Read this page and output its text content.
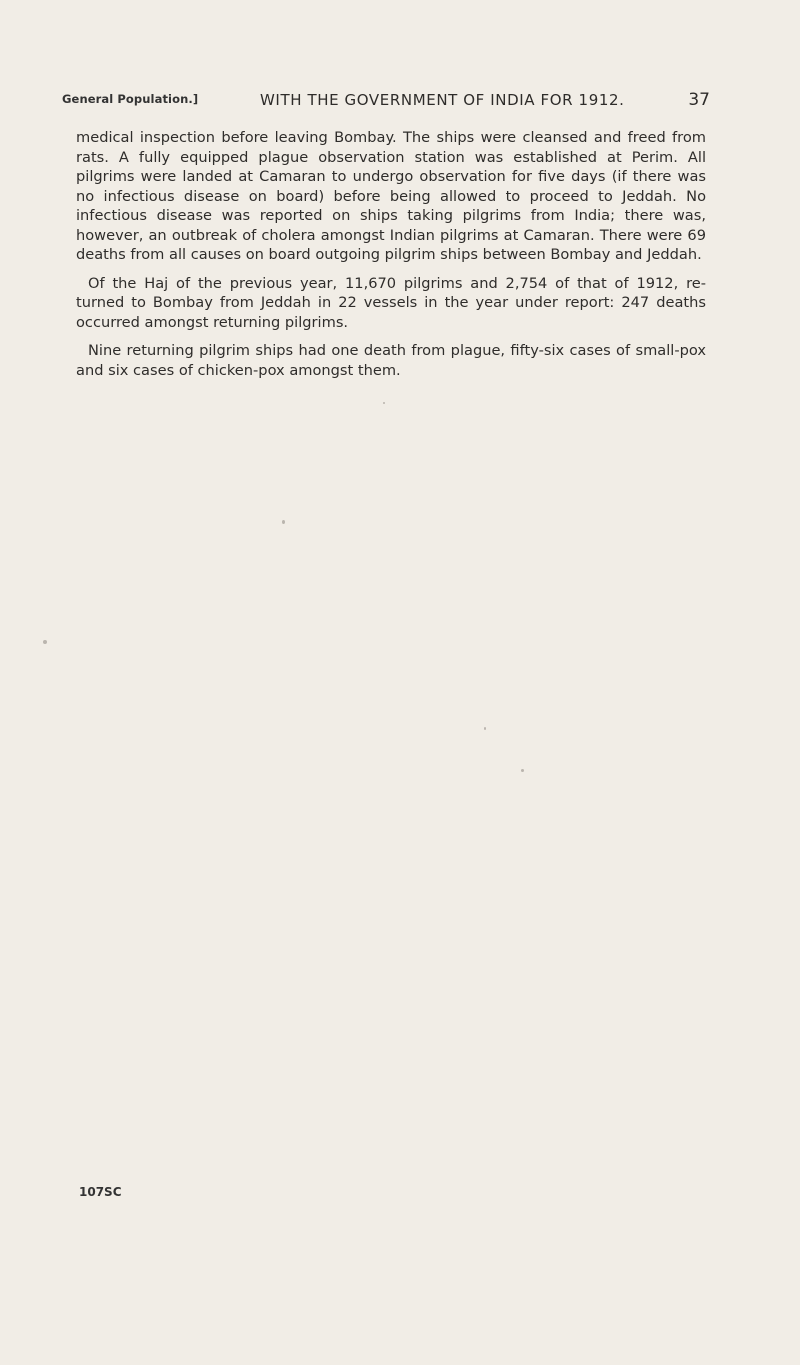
General Population.]	WITH THE GOVERNMENT OF INDIA FOR 1912.	37

medical inspection before leaving Bombay. The ships were cleansed and freed from rats. A fully equipped plague observation station was established at Perim. All pilgrims were landed at Camaran to undergo observation for five days (if there was no infectious disease on board) before being allowed to proceed to Jeddah. No infectious disease was reported on ships taking pilgrims from India; there was, however, an outbreak of cholera amongst Indian pilgrims at Camaran. There were 69 deaths from all causes on board outgoing pilgrim ships between Bombay and Jeddah.

Of the Haj of the previous year, 11,670 pilgrims and 2,754 of that of 1912, re-turned to Bombay from Jeddah in 22 vessels in the year under report: 247 deaths occurred amongst returning pilgrims.

Nine returning pilgrim ships had one death from plague, fifty-six cases of small-pox and six cases of chicken-pox amongst them.

107SC
